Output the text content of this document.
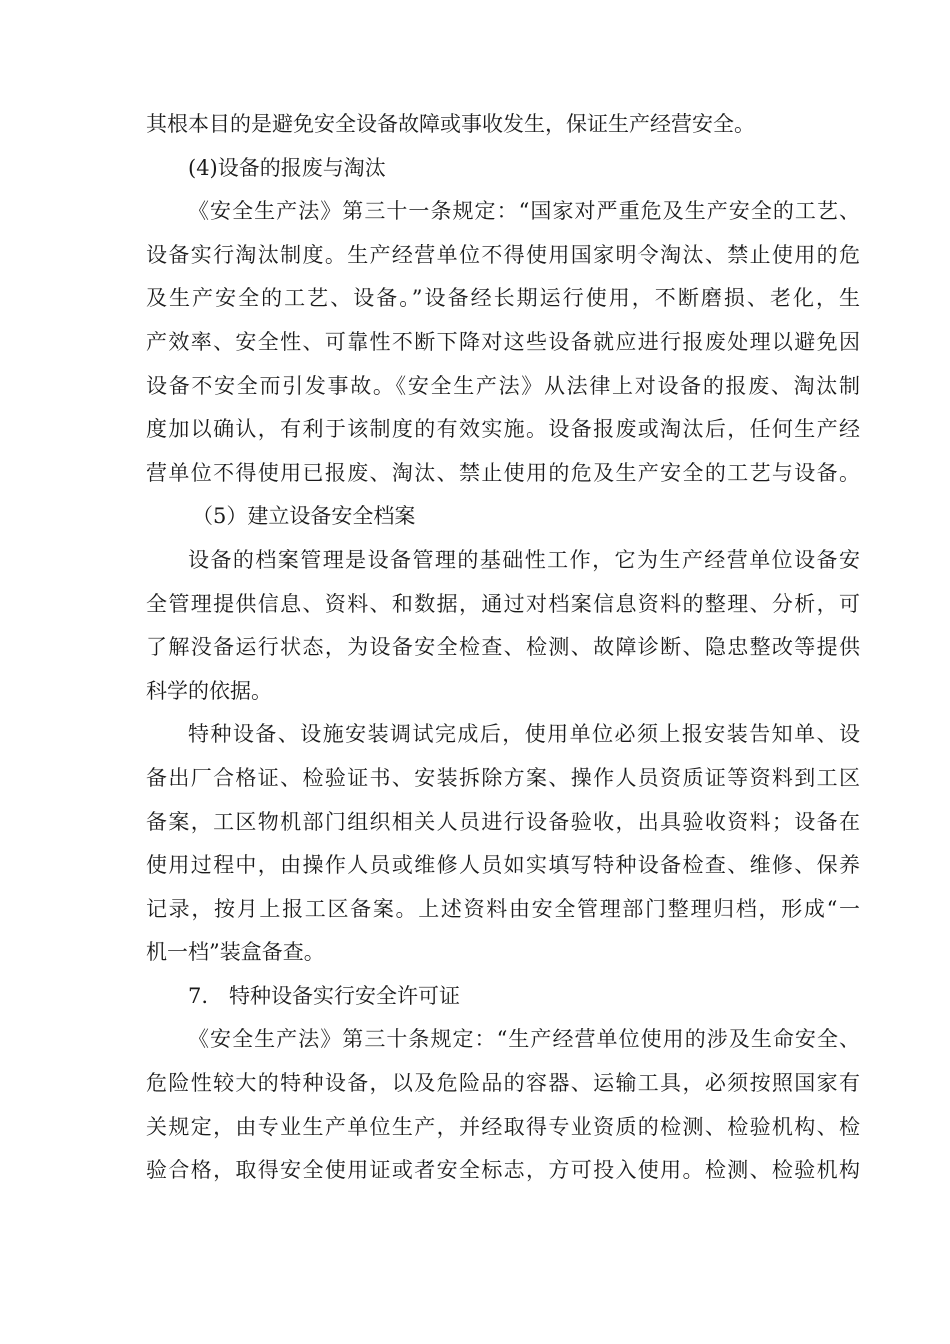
其根本目的是避免安全设备故障或事收发生，保证生产经营安全。
(4)设备的报废与淘汰
《安全生产法》第三十一条规定：“国家对严重危及生产安全的工艺、
设备实行淘汰制度。生产经营单位不得使用国家明令淘汰、禁止使用的危
及生产安全的工艺、设备。”设备经长期运行使用，不断磨损、老化，生
产效率、安全性、可靠性不断下降对这些设备就应进行报废处理以避免因
设备不安全而引发事故。《安全生产法》从法律上对设备的报废、淘汰制
度加以确认，有利于该制度的有效实施。设备报废或淘汰后，任何生产经
营单位不得使用已报废、淘汰、禁止使用的危及生产安全的工艺与设备。
（5）建立设备安全档案
设备的档案管理是设备管理的基础性工作，它为生产经营单位设备安
全管理提供信息、资料、和数据，通过对档案信息资料的整理、分析，可
了解没备运行状态，为设备安全检查、检测、故障诊断、隐忠整改等提供
科学的依据。
特种设备、设施安装调试完成后，使用单位必须上报安装告知单、设
备出厂合格证、检验证书、安装拆除方案、操作人员资质证等资料到工区
备案，工区物机部门组织相关人员进行设备验收，出具验收资料；设备在
使用过程中，由操作人员或维修人员如实填写特种设备检查、维修、保养
记录，按月上报工区备案。上述资料由安全管理部门整理归档，形成“一
机一档”装盒备查。
7.　特种设备实行安全许可证
《安全生产法》第三十条规定：“生产经营单位使用的涉及生命安全、
危险性较大的特种设备，以及危险品的容器、运输工具，必须按照国家有
关规定，由专业生产单位生产，并经取得专业资质的检测、检验机构、检
验合格，取得安全使用证或者安全标志，方可投入使用。检测、检验机构
